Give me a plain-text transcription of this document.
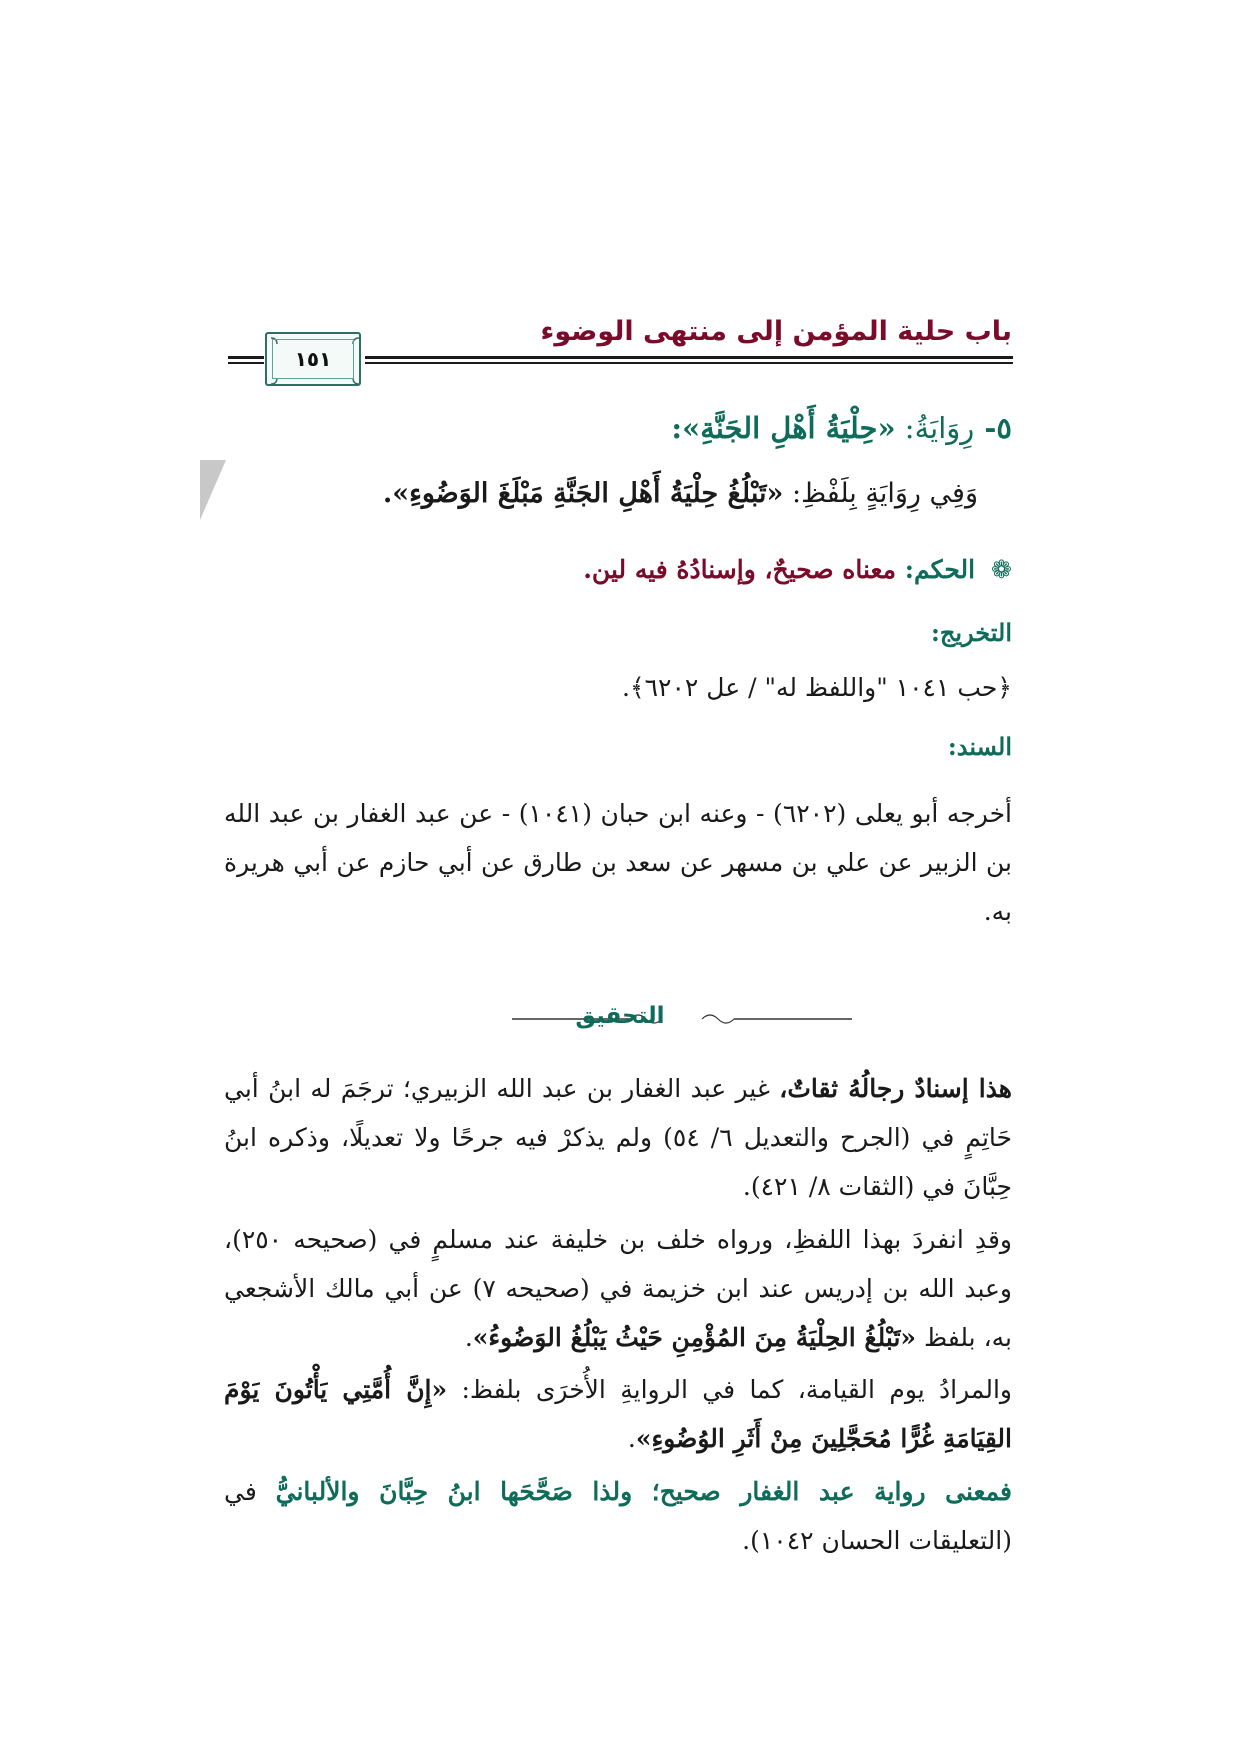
باب حلية المؤمن إلى منتهى الوضوء
١٥١
٥- رِوَايَةُ: «حِلْيَةُ أَهْلِ الجَنَّةِ»:
وَفِي رِوَايَةٍ بِلَفْظِ: «تَبْلُغُ حِلْيَةُ أَهْلِ الجَنَّةِ مَبْلَغَ الوَضُوءِ».
❁ الحكم: معناه صحيحٌ، وإسنادُهُ فيه لين.
التخريج:
﴿حب ١٠٤١ "واللفظ له" / عل ٦٢٠٢﴾.
السند:
أخرجه أبو يعلى (٦٢٠٢) - وعنه ابن حبان (١٠٤١) - عن عبد الغفار بن عبد الله بن الزبير عن علي بن مسهر عن سعد بن طارق عن أبي حازم عن أبي هريرة به.
التحقيق
هذا إسنادٌ رجالُهُ ثقاتٌ، غير عبد الغفار بن عبد الله الزبيري؛ ترجَمَ له ابنُ أبي حَاتِمٍ في (الجرح والتعديل ٦/ ٥٤) ولم يذكرْ فيه جرحًا ولا تعديلًا، وذكره ابنُ حِبَّانَ في (الثقات ٨/ ٤٢١).
وقدِ انفردَ بهذا اللفظِ، ورواه خلف بن خليفة عند مسلمٍ في (صحيحه ٢٥٠)، وعبد الله بن إدريس عند ابن خزيمة في (صحيحه ٧) عن أبي مالك الأشجعي به، بلفظ «تَبْلُغُ الحِلْيَةُ مِنَ المُؤْمِنِ حَيْثُ يَبْلُغُ الوَضُوءُ».
والمرادُ يوم القيامة، كما في الروايةِ الأُخرَى بلفظ: «إِنَّ أُمَّتِي يَأْتُونَ يَوْمَ القِيَامَةِ غُرًّا مُحَجَّلِينَ مِنْ أَثَرِ الوُضُوءِ».
فمعنى رواية عبد الغفار صحيح؛ ولذا صَحَّحَها ابنُ حِبَّانَ والألبانيُّ في (التعليقات الحسان ١٠٤٢).
